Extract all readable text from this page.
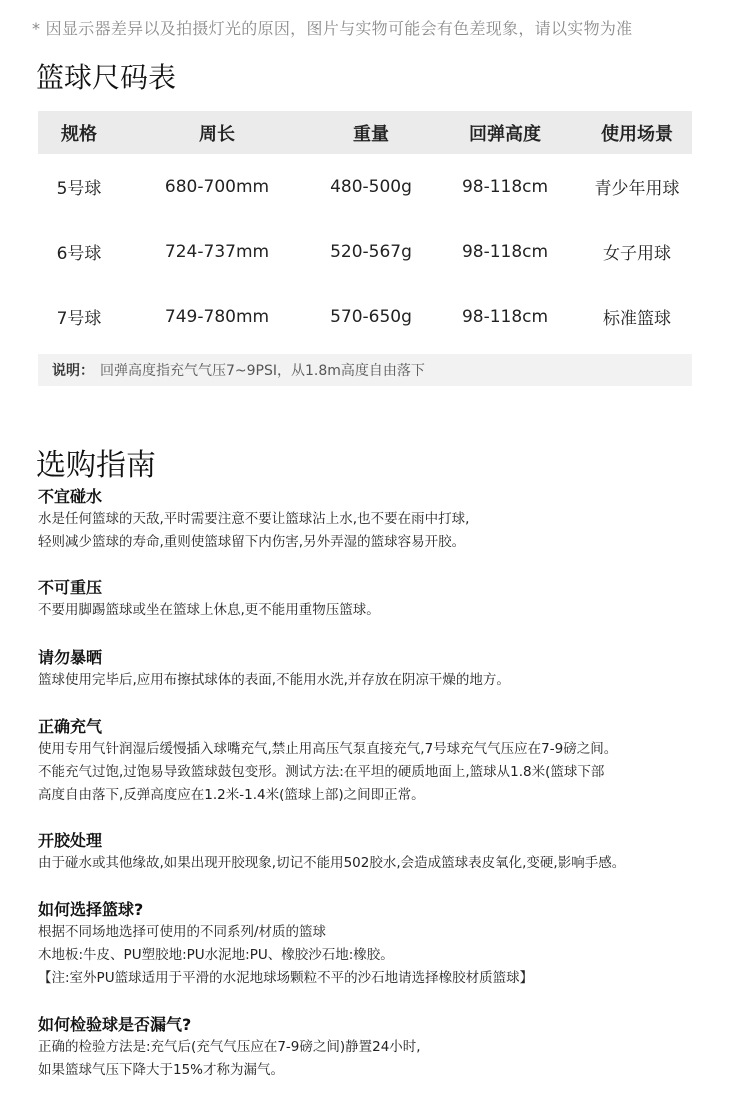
* 因显示器差异以及拍摄灯光的原因，图片与实物可能会有色差现象，请以实物为准
篮球尺码表
规格	周长	重量	回弹高度	使用场景
5号球	680-700mm	480-500g	98-118cm	青少年用球
6号球	724-737mm	520-567g	98-118cm	女子用球
7号球	749-780mm	570-650g	98-118cm	标准篮球
说明： 回弹高度指充气气压7~9PSI，从1.8m高度自由落下
选购指南
不宜碰水

水是任何篮球的天敌,平时需要注意不要让篮球沾上水,也不要在雨中打球,

轻则减少篮球的寿命,重则使篮球留下内伤害,另外弄湿的篮球容易开胶。

不可重压

不要用脚踢篮球或坐在篮球上休息,更不能用重物压篮球。

请勿暴晒

篮球使用完毕后,应用布擦拭球体的表面,不能用水洗,并存放在阴凉干燥的地方。

正确充气

使用专用气针润湿后缓慢插入球嘴充气,禁止用高压气泵直接充气,7号球充气气压应在7-9磅之间。

不能充气过饱,过饱易导致篮球鼓包变形。测试方法:在平坦的硬质地面上,篮球从1.8米(篮球下部

高度自由落下,反弹高度应在1.2米-1.4米(篮球上部)之间即正常。

开胶处理

由于碰水或其他缘故,如果出现开胶现象,切记不能用502胶水,会造成篮球表皮氧化,变硬,影响手感。

如何选择篮球?

根据不同场地选择可使用的不同系列/材质的篮球

木地板:牛皮、PU塑胶地:PU水泥地:PU、橡胶沙石地:橡胶。

【注:室外PU篮球适用于平滑的水泥地球场颗粒不平的沙石地请选择橡胶材质篮球】

如何检验球是否漏气?

正确的检验方法是:充气后(充气气压应在7-9磅之间)静置24小时,

如果篮球气压下降大于15%才称为漏气。
